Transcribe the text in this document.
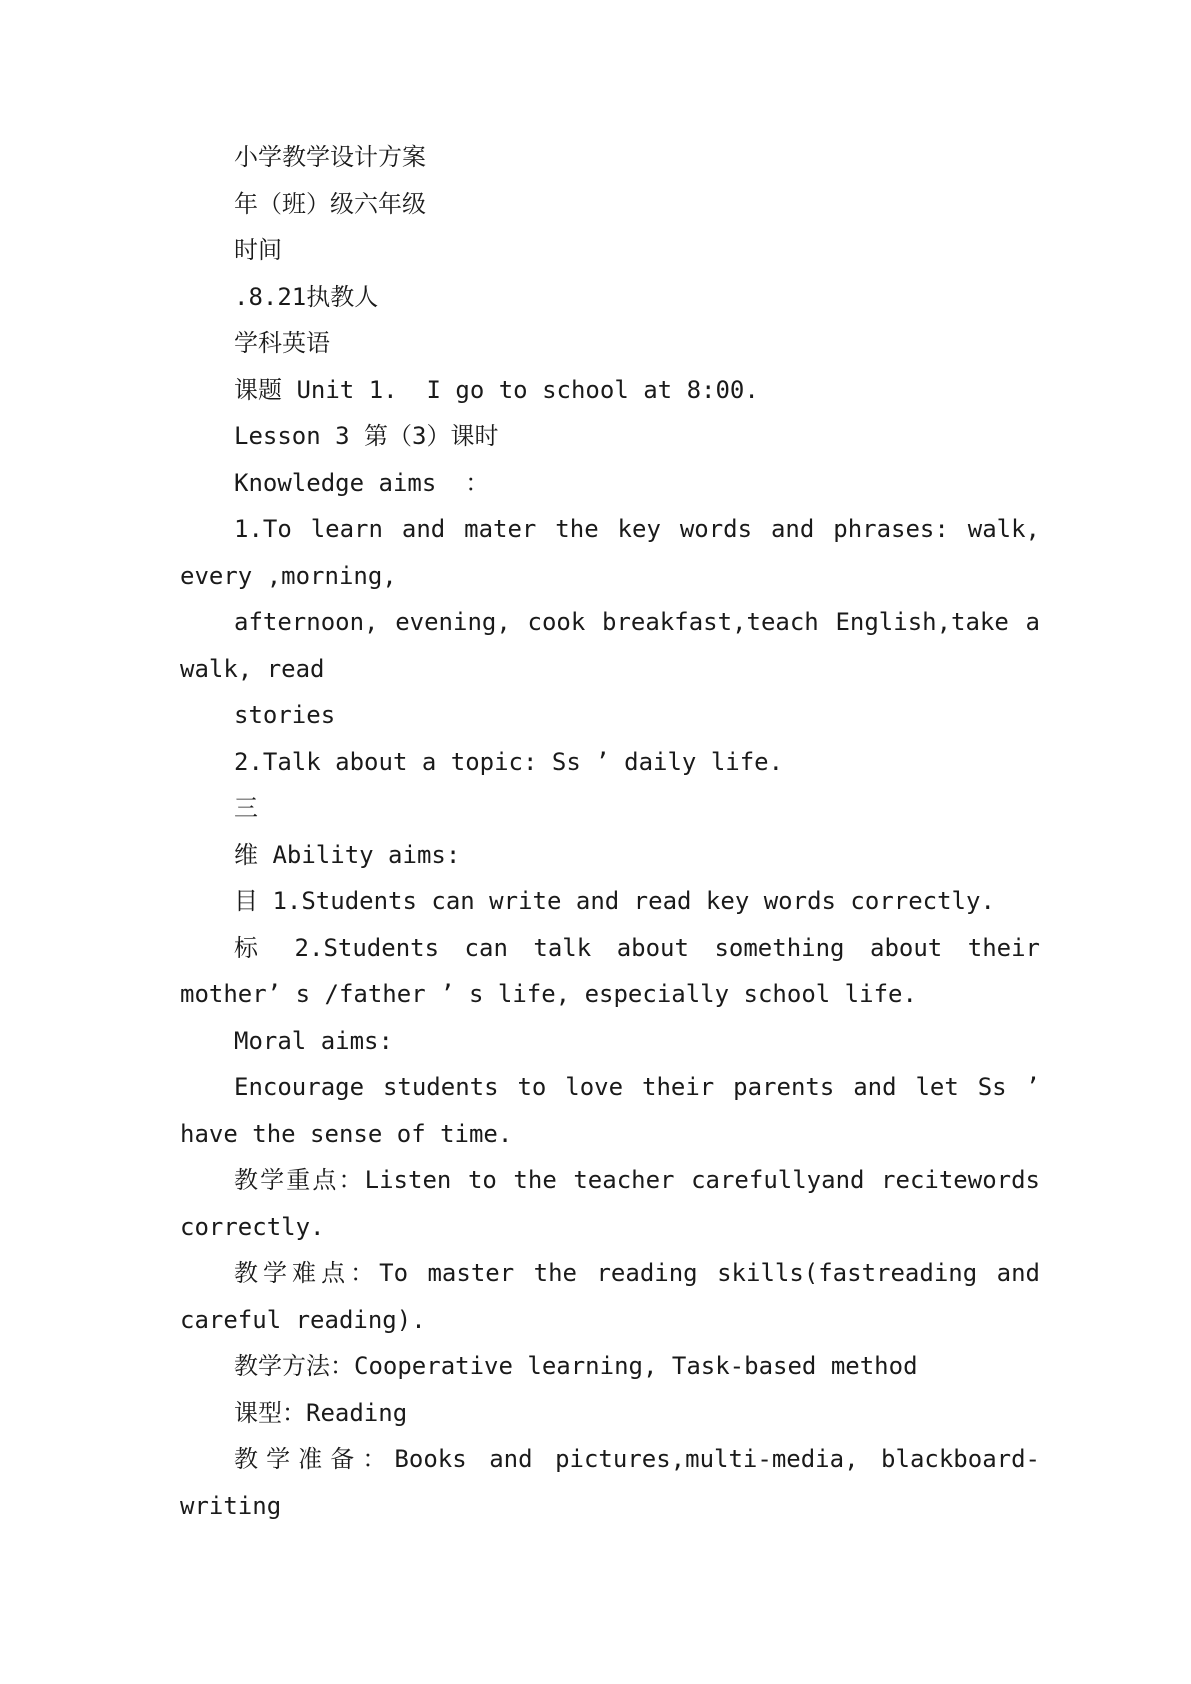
小学教学设计方案

年（班）级六年级

时间

.8.21执教人

学科英语

课题 Unit 1.  I go to school at 8:00.

Lesson 3 第（3）课时

Knowledge aims  ：

1.To learn and mater the key words and phrases: walk, every ,morning,

afternoon, evening, cook breakfast,teach English,take a walk, read

stories

2.Talk about a topic: Ss ’ daily life.

三

维 Ability aims:

目 1.Students can write and read key words correctly.

标 2.Students can talk about something about their mother’ s /father ’ s life, especially school life.

Moral aims:

Encourage students to love their parents and let Ss ’ have the sense of time.

教学重点：Listen to the teacher carefullyand recitewords correctly.

教学难点：To master the reading skills(fastreading and careful reading).

教学方法：Cooperative learning, Task-based method

课型：Reading

教学准备：Books and pictures,multi-media, blackboard-writing
